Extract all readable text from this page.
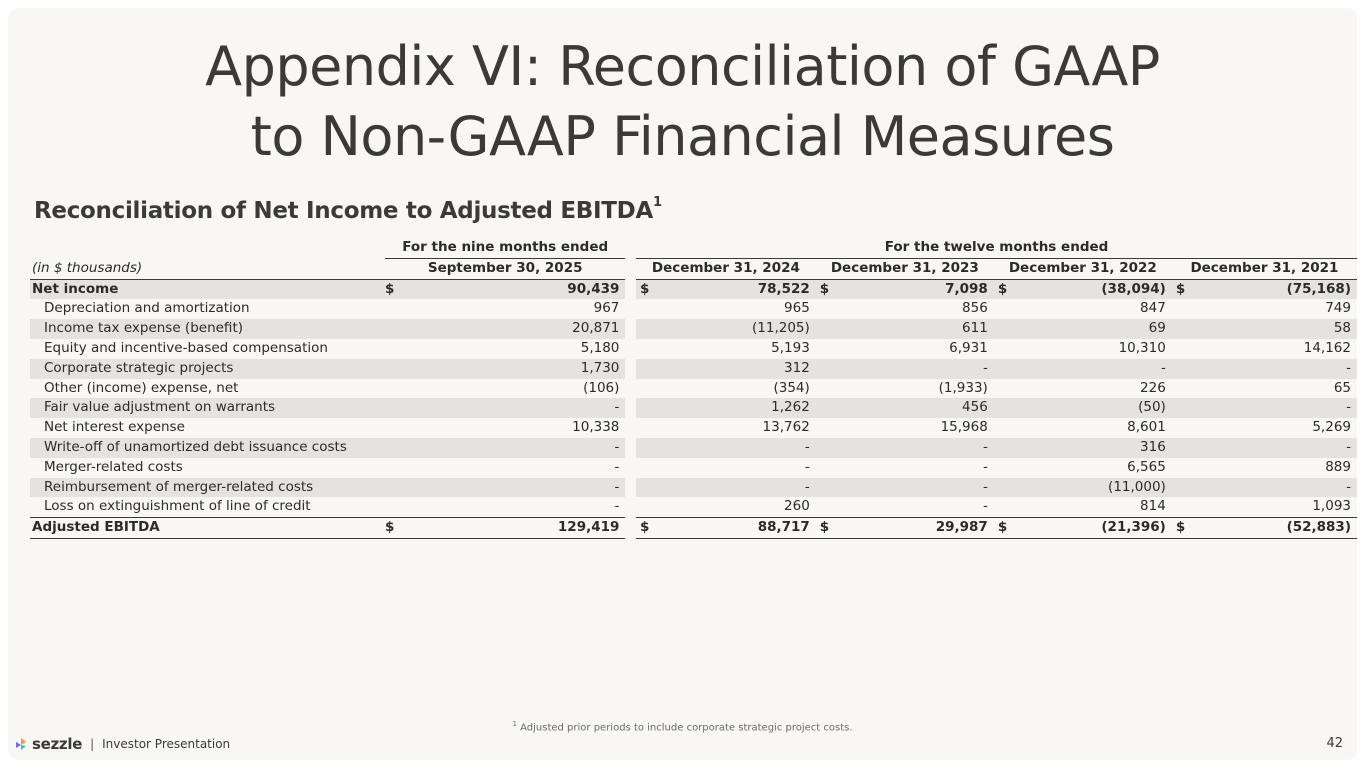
Appendix VI: Reconciliation of GAAP
to Non-GAAP Financial Measures
Reconciliation of Net Income to Adjusted EBITDA$^1$
	For the nine months ended			For the twelve months ended							
(in $ thousands)	September 30, 2025			December 31, 2024		December 31, 2023		December 31, 2022		December 31, 2021	
Net income	$	90,439		$	78,522	$	7,098	$	(38,094)	$	(75,168)
Depreciation and amortization		967			965		856		847		749
Income tax expense (benefit)		20,871			(11,205)		611		69		58
Equity and incentive-based compensation		5,180			5,193		6,931		10,310		14,162
Corporate strategic projects		1,730			312		-		-		-
Other (income) expense, net		(106)			(354)		(1,933)		226		65
Fair value adjustment on warrants		-			1,262		456		(50)		-
Net interest expense		10,338			13,762		15,968		8,601		5,269
Write-off of unamortized debt issuance costs		-			-		-		316		-
Merger-related costs		-			-		-		6,565		889
Reimbursement of merger-related costs		-			-		-		(11,000)		-
Loss on extinguishment of line of credit		-			260		-		814		1,093
Adjusted EBITDA	$	129,419		$	88,717	$	29,987	$	(21,396)	$	(52,883)
$^1$ Adjusted prior periods to include corporate strategic project costs.
sezzle | Investor Presentation	42
